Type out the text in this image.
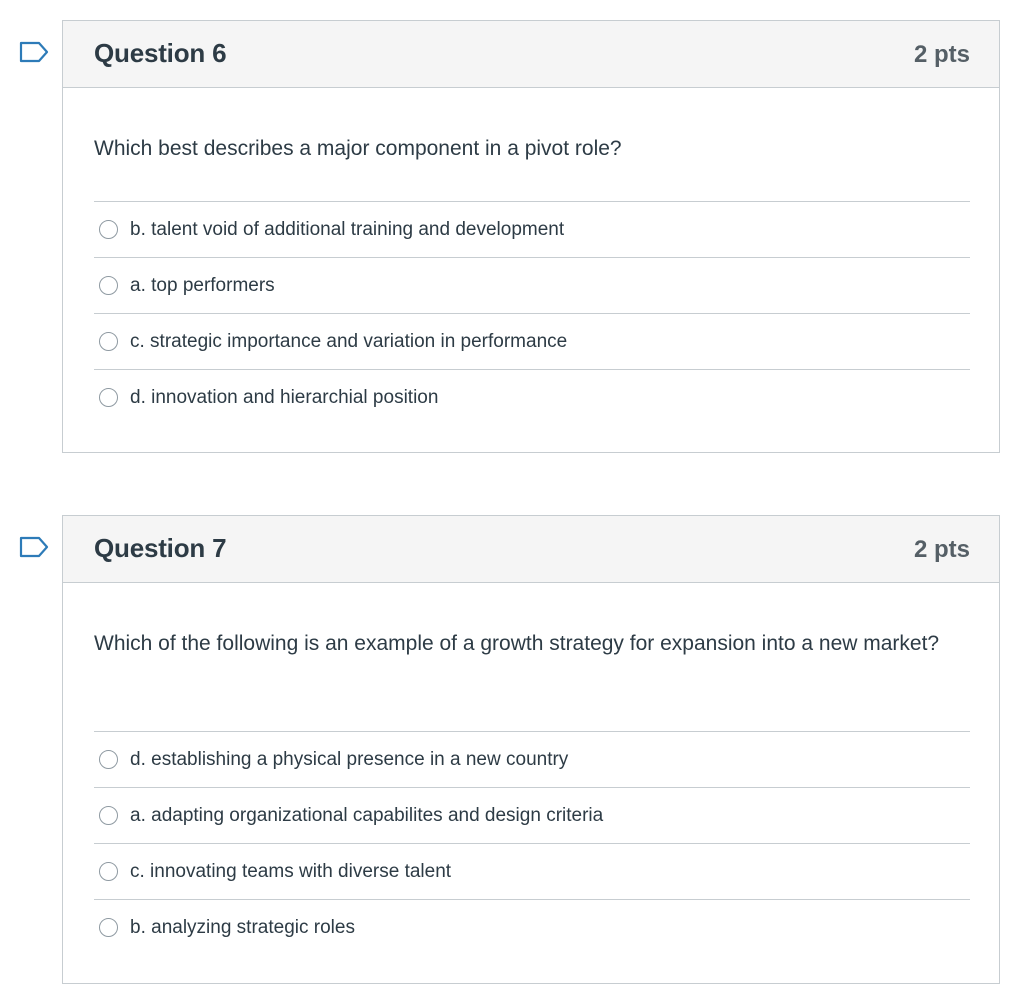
Question 6	2 pts
Which best describes a major component in a pivot role?
b. talent void of additional training and development
a. top performers
c. strategic importance and variation in performance
d. innovation and hierarchial position
Question 7	2 pts
Which of the following is an example of a growth strategy for expansion into a new market?
d. establishing a physical presence in a new country
a. adapting organizational capabilites and design criteria
c. innovating teams with diverse talent
b. analyzing strategic roles
